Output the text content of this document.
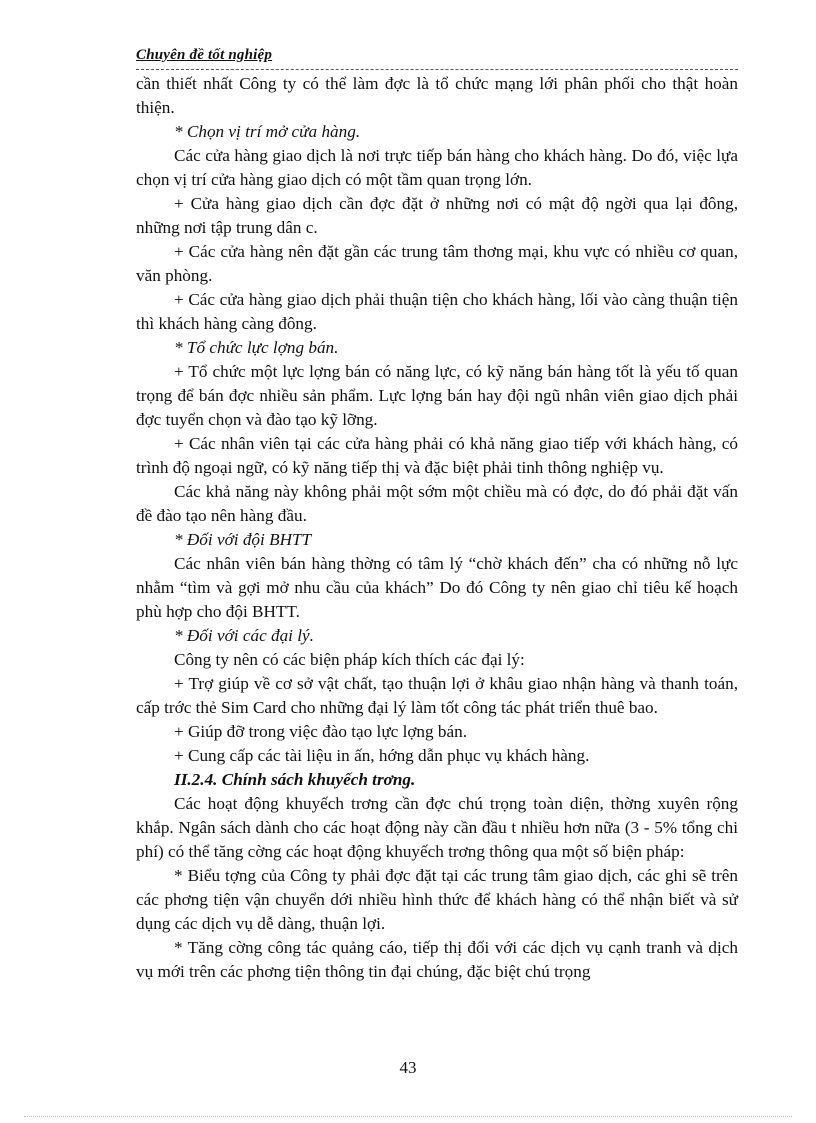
Chuyên đề tốt nghiệp

cần thiết nhất Công ty có thể làm đợc là tổ chức mạng lới phân phối cho thật hoàn thiện.

* Chọn vị trí mở cửa hàng.

Các cửa hàng giao dịch là nơi trực tiếp bán hàng cho khách hàng. Do đó, việc lựa chọn vị trí cửa hàng giao dịch có một tầm quan trọng lớn.

+ Cửa hàng giao dịch cần đợc đặt ở những nơi có mật độ ngời qua lại đông, những nơi tập trung dân c.

+ Các cửa hàng nên đặt gần các trung tâm thơng mại, khu vực có nhiều cơ quan, văn phòng.

+ Các cửa hàng giao dịch phải thuận tiện cho khách hàng, lối vào càng thuận tiện thì khách hàng càng đông.

* Tổ chức lực lợng bán.

+ Tổ chức một lực lợng bán có năng lực, có kỹ năng bán hàng tốt là yếu tố quan trọng để bán đợc nhiều sản phẩm. Lực lợng bán hay đội ngũ nhân viên giao dịch phải đợc tuyển chọn và đào tạo kỹ lỡng.

+ Các nhân viên tại các cửa hàng phải có khả năng giao tiếp với khách hàng, có trình độ ngoại ngữ, có kỹ năng tiếp thị và đặc biệt phải tinh thông nghiệp vụ.

Các khả năng này không phải một sớm một chiều mà có đợc, do đó phải đặt vấn đề đào tạo nên hàng đầu.

* Đối với đội BHTT

Các nhân viên bán hàng thờng có tâm lý “chờ khách đến” cha có những nỗ lực nhằm “tìm và gợi mở nhu cầu của khách” Do đó Công ty nên giao chỉ tiêu kế hoạch phù hợp cho đội BHTT.

* Đối với các đại lý.

Công ty nên có các biện pháp kích thích các đại lý:

+ Trợ giúp về cơ sở vật chất, tạo thuận lợi ở khâu giao nhận hàng và thanh toán, cấp trớc thẻ Sim Card cho những đại lý làm tốt công tác phát triển thuê bao.

+ Giúp đỡ trong việc đào tạo lực lợng bán.

+ Cung cấp các tài liệu in ấn, hớng dẫn phục vụ khách hàng.

II.2.4. Chính sách khuyếch trơng.

Các hoạt động khuyếch trơng cần đợc chú trọng toàn diện, thờng xuyên rộng khắp. Ngân sách dành cho các hoạt động này cần đầu t nhiều hơn nữa (3 - 5% tổng chi phí) có thể tăng cờng các hoạt động khuyếch trơng thông qua một số biện pháp:

* Biểu tợng của Công ty phải đợc đặt tại các trung tâm giao dịch, các ghi sẽ trên các phơng tiện vận chuyển dới nhiều hình thức để khách hàng có thể nhận biết và sử dụng các dịch vụ dễ dàng, thuận lợi.

* Tăng cờng công tác quảng cáo, tiếp thị đối với các dịch vụ cạnh tranh và dịch vụ mới trên các phơng tiện thông tin đại chúng, đặc biệt chú trọng

43
